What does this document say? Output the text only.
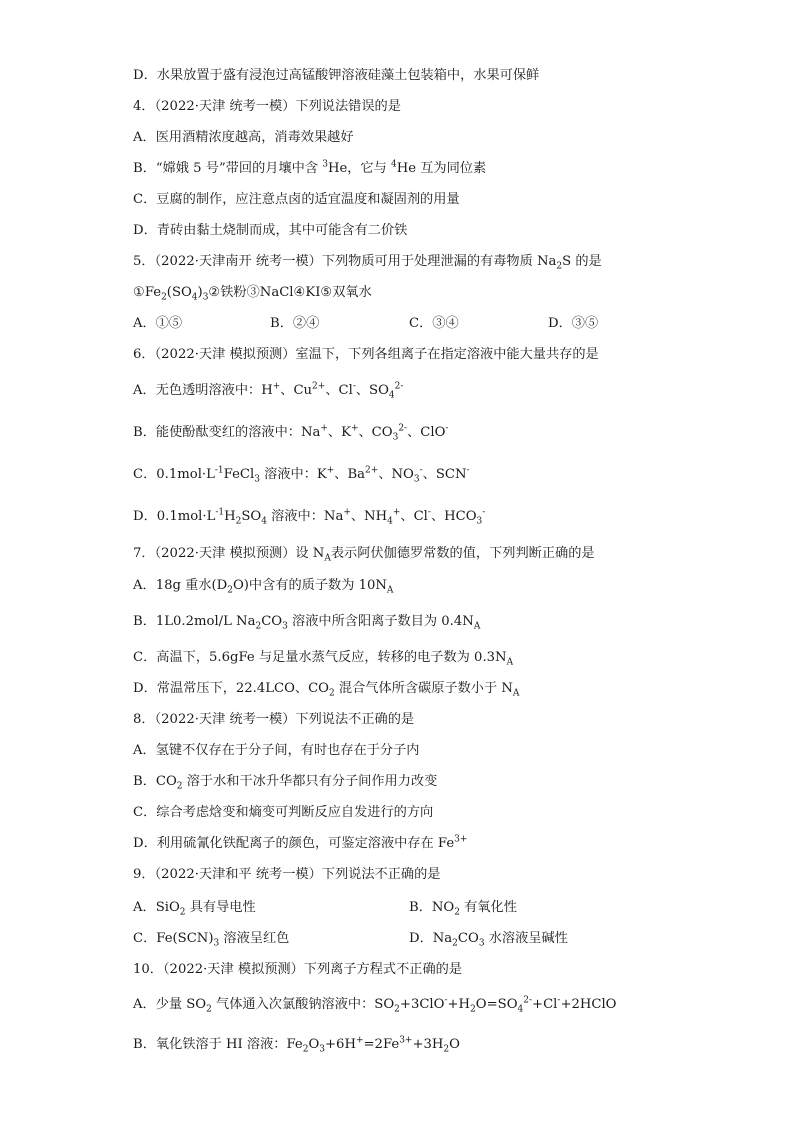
D．水果放置于盛有浸泡过高锰酸钾溶液硅藻土包装箱中，水果可保鲜
4．（2022·天津 统考一模）下列说法错误的是
A．医用酒精浓度越高，消毒效果越好
B．“嫦娥 5 号”带回的月壤中含 $^3$He，它与 $^4$He 互为同位素
C．豆腐的制作，应注意点卤的适宜温度和凝固剂的用量
D．青砖由黏土烧制而成，其中可能含有二价铁
5．（2022·天津南开 统考一模）下列物质可用于处理泄漏的有毒物质 $Na_2S$ 的是
$①Fe_2(SO_4)_3②$铁粉③NaCl④KI⑤双氧水
A．①⑤	B．②④	C．③④	D．③⑤
6．（2022·天津 模拟预测）室温下，下列各组离子在指定溶液中能大量共存的是
A．无色透明溶液中：H+、$Cu^{2+}$、Cl-、$SO_4^{2-}$
B．能使酚酞变红的溶液中：Na+、K+、$CO_3^{2-}$、ClO-
C．$0.1mol\cdot L^{-1}FeCl_3$ 溶液中：K+、$Ba^{2+}$、$NO_3^-$、SCN-
D．$0.1mol\cdot L^{-1}H_2SO_4$ 溶液中：Na+、$NH_4^+$、Cl-、$HCO_3^-$
7．（2022·天津 模拟预测）设 $N_A$表示阿伏伽德罗常数的值，下列判断正确的是
A．18g 重水$(D_2O)$中含有的质子数为 $10N_A$
B．1L0.2mol/L $Na_2CO_3$ 溶液中所含阳离子数目为 $0.4N_A$
C．高温下，5.6gFe 与足量水蒸气反应，转移的电子数为 $0.3N_A$
D．常温常压下，22.4LCO、$CO_2$ 混合气体所含碳原子数小于 $N_A$
8．（2022·天津 统考一模）下列说法不正确的是
A．氢键不仅存在于分子间，有时也存在于分子内
B．$CO_2$ 溶于水和干冰升华都只有分子间作用力改变
C．综合考虑焓变和熵变可判断反应自发进行的方向
D．利用硫氰化铁配离子的颜色，可鉴定溶液中存在 $Fe^{3+}$
9．（2022·天津和平 统考一模）下列说法不正确的是
A．SiO$_2$ 具有导电性	B．$NO_2$ 有氧化性
C．$Fe(SCN)_3$ 溶液呈红色	D．$Na_2CO_3$ 水溶液呈碱性
10．（2022·天津 模拟预测）下列离子方程式不正确的是
A．少量 $SO_2$ 气体通入次氯酸钠溶液中：$SO_2+3ClO^-+H_2O=SO_4^{2-}+Cl^-+2HClO$
B．氧化铁溶于 HI 溶液：$Fe_2O_3+6H^+=2Fe^{3+}+3H_2O$
